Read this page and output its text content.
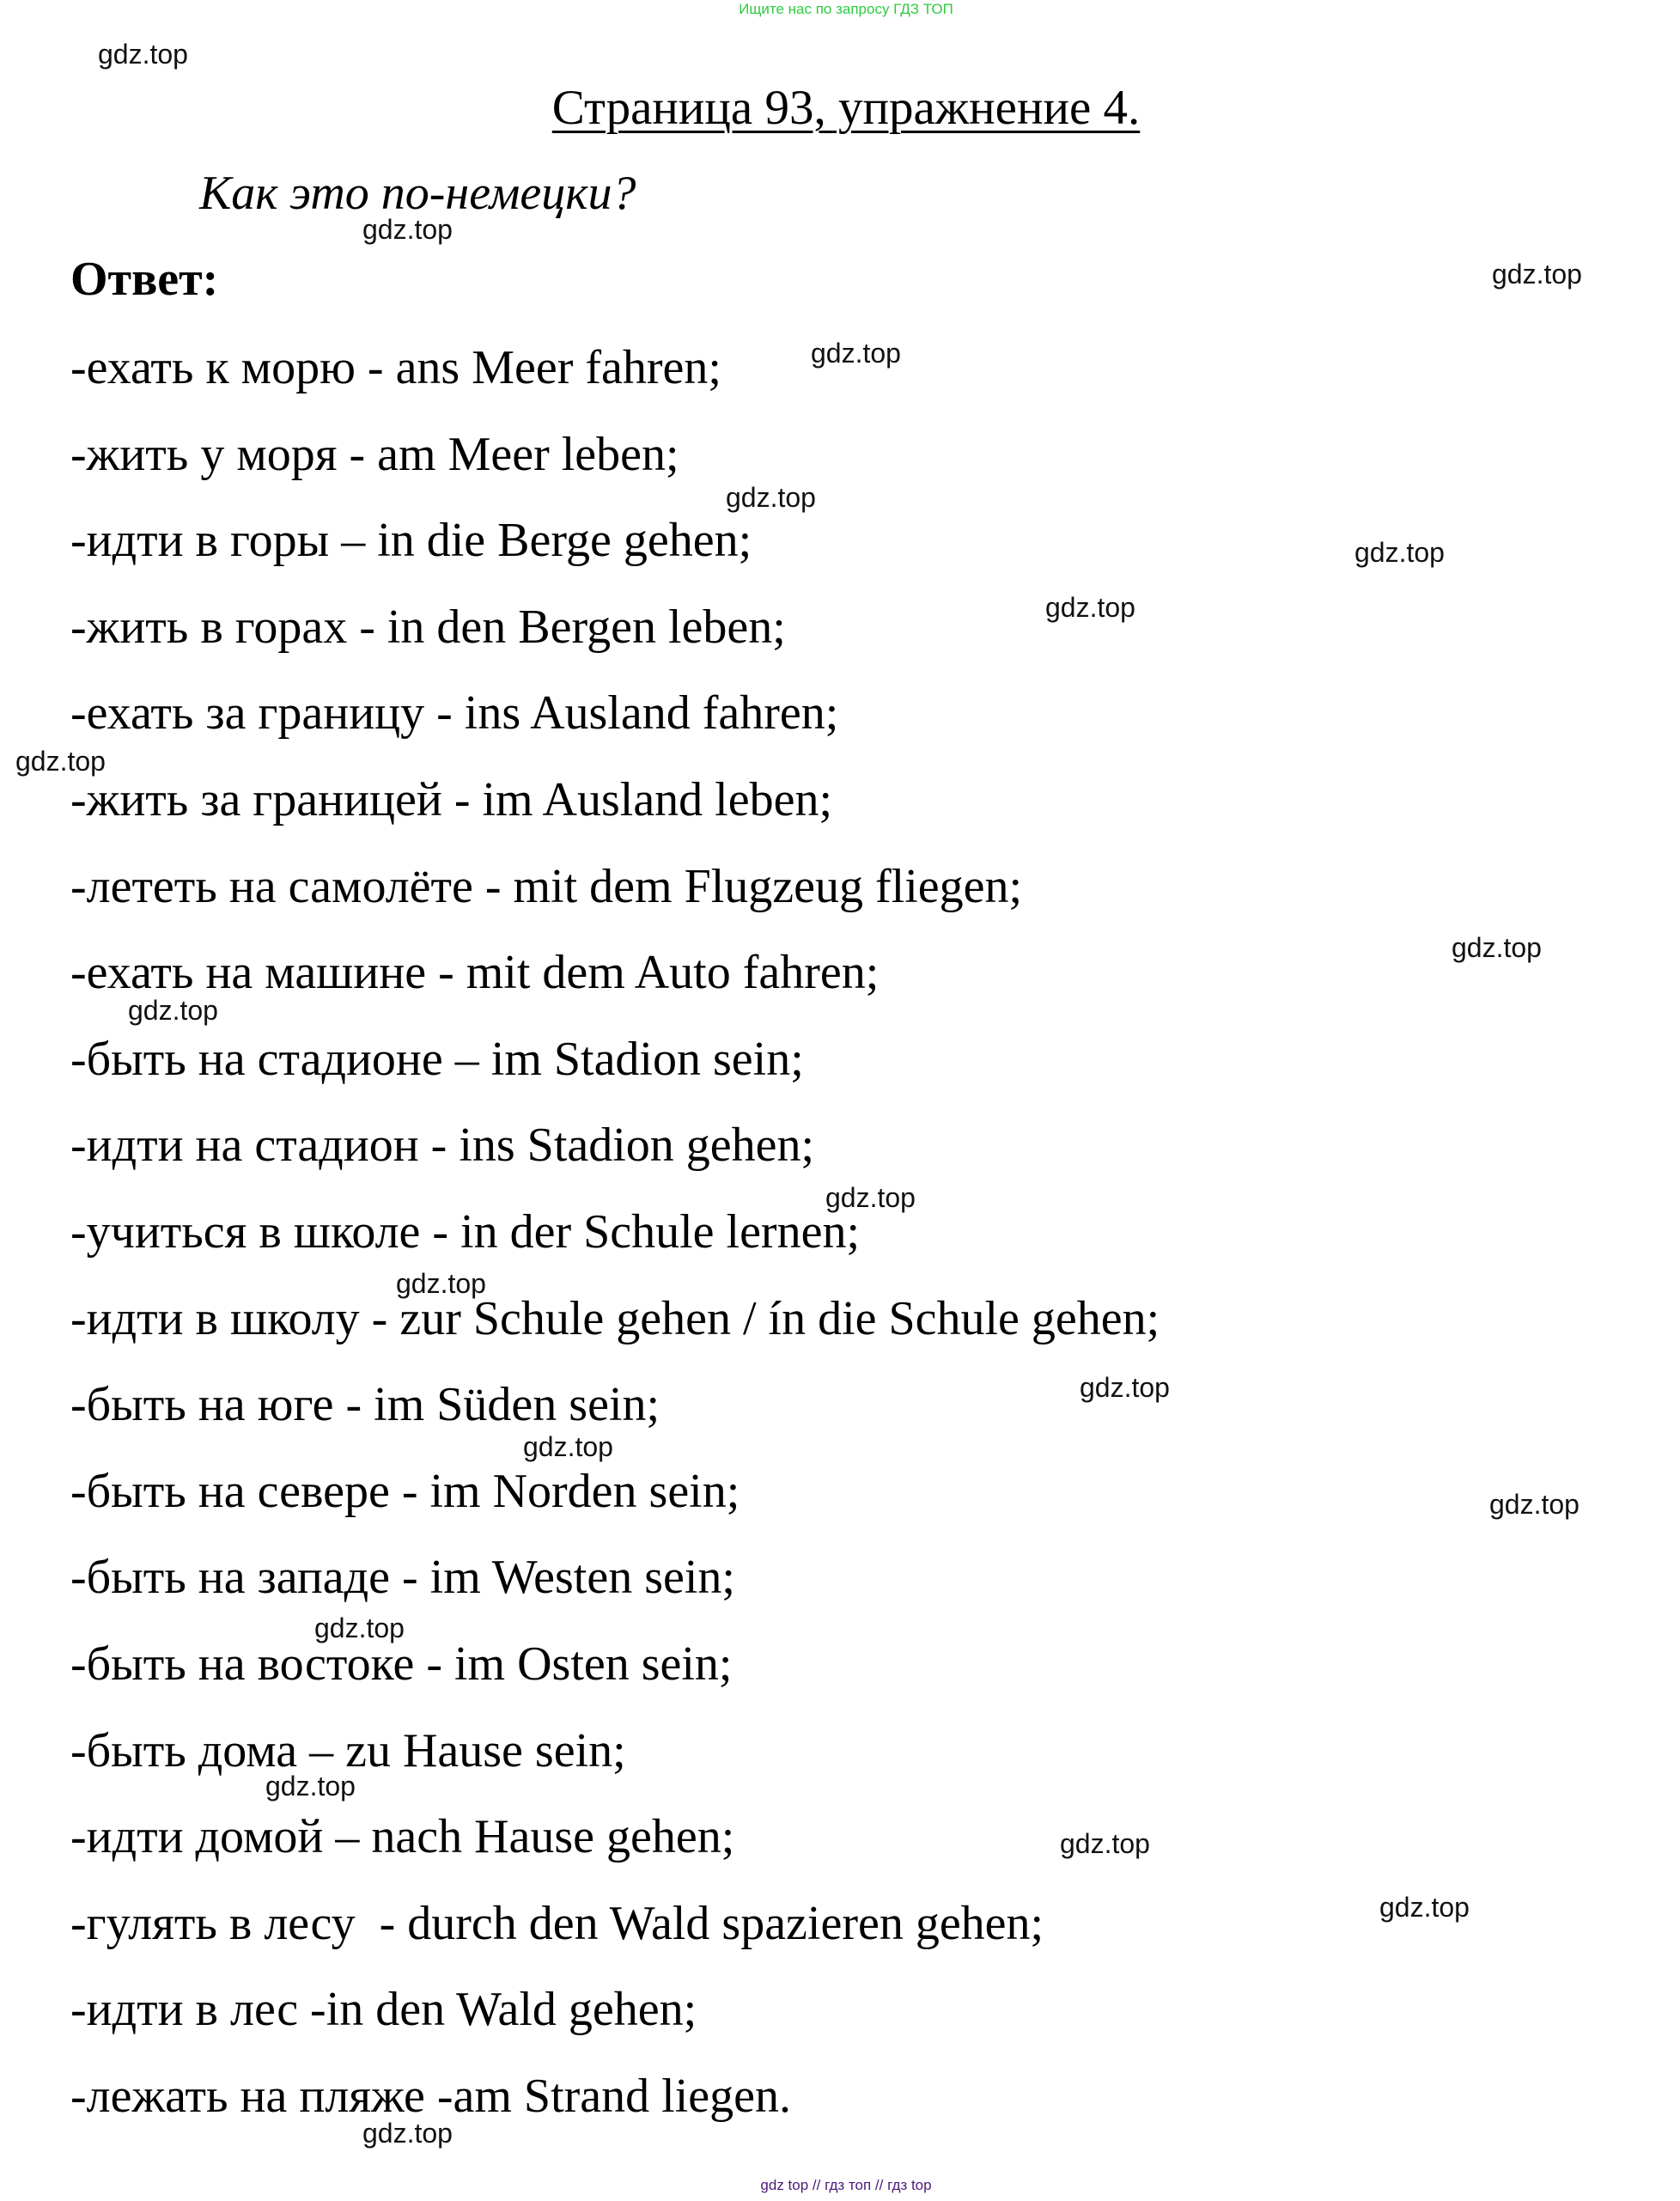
Ищите нас по запросу ГДЗ ТОП
Страница 93, упражнение 4.
Как это по-немецки?
Ответ:
-ехать к морю - ans Meer fahren;
-жить у моря - am Meer leben;
-идти в горы – in die Berge gehen;
-жить в горах - in den Bergen leben;
-ехать за границу - ins Ausland fahren;
-жить за границей - im Ausland leben;
-лететь на самолёте - mit dem Flugzeug fliegen;
-ехать на машине - mit dem Auto fahren;
-быть на стадионе – im Stadion sein;
-идти на стадион - ins Stadion gehen;
-учиться в школе - in der Schule lernen;
-идти в школу - zur Schule gehen / ín die Schule gehen;
-быть на юге - im Süden sein;
-быть на севере - im Norden sein;
-быть на западе - im Westen sein;
-быть на востоке - im Osten sein;
-быть дома – zu Hause sein;
-идти домой – nach Hause gehen;
-гулять в лесу  - durch den Wald spazieren gehen;
-идти в лес -in den Wald gehen;
-лежать на пляже -am Strand liegen.
gdz.top
gdz.top
gdz.top
gdz.top
gdz.top
gdz.top
gdz.top
gdz.top
gdz.top
gdz.top
gdz.top
gdz.top
gdz.top
gdz.top
gdz.top
gdz.top
gdz.top
gdz.top
gdz.top
gdz.top
gdz top // гдз топ // гдз top
